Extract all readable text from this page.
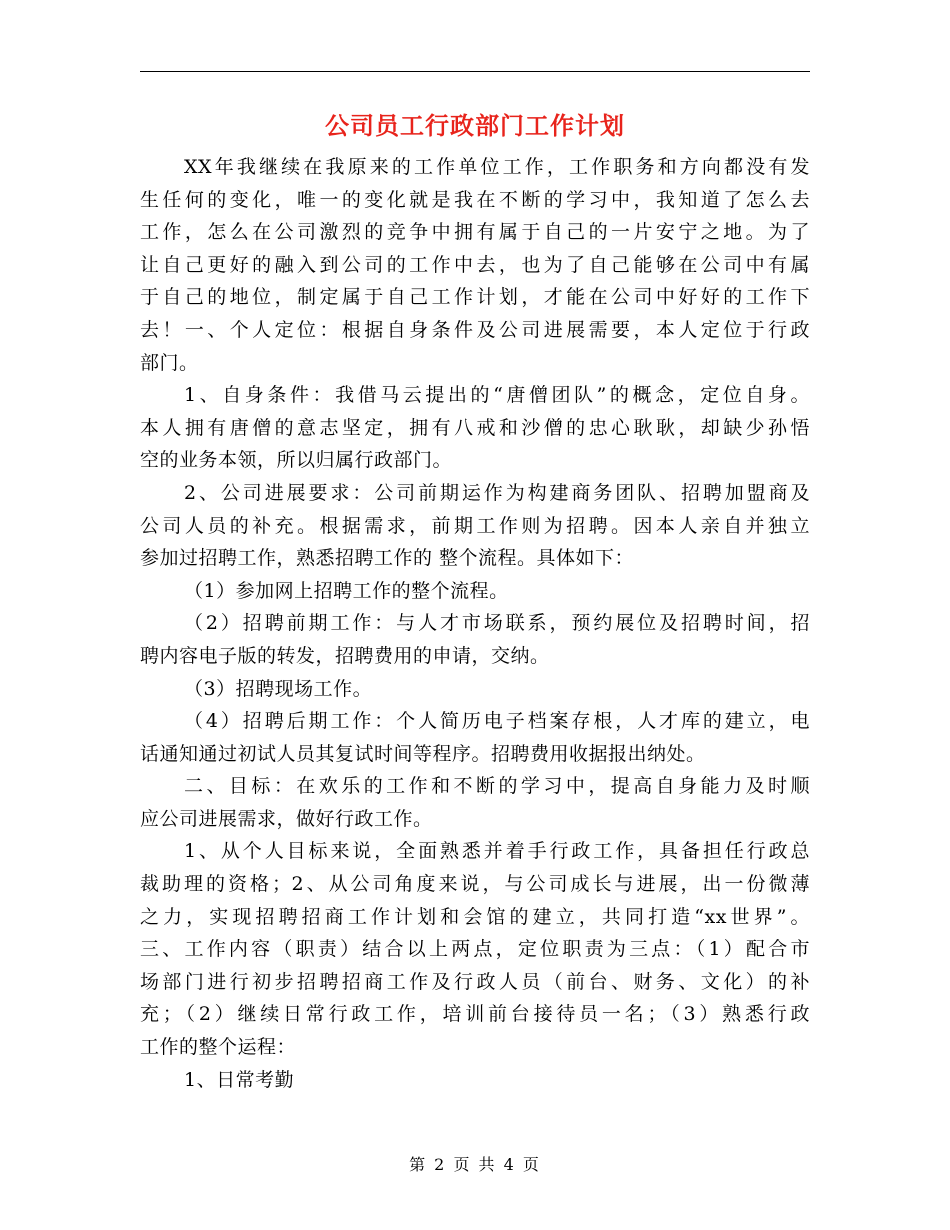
公司员工行政部门工作计划
XX年我继续在我原来的工作单位工作，工作职务和方向都没有发
生任何的变化，唯一的变化就是我在不断的学习中，我知道了怎么去
工作，怎么在公司激烈的竞争中拥有属于自己的一片安宁之地。为了
让自己更好的融入到公司的工作中去，也为了自己能够在公司中有属
于自己的地位，制定属于自己工作计划，才能在公司中好好的工作下
去！一、个人定位：根据自身条件及公司进展需要，本人定位于行政
部门。
1、自身条件：我借马云提出的“唐僧团队”的概念，定位自身。
本人拥有唐僧的意志坚定，拥有八戒和沙僧的忠心耿耿，却缺少孙悟
空的业务本领，所以归属行政部门。
2、公司进展要求：公司前期运作为构建商务团队、招聘加盟商及
公司人员的补充。根据需求，前期工作则为招聘。因本人亲自并独立
参加过招聘工作，熟悉招聘工作的 整个流程。具体如下：
（1）参加网上招聘工作的整个流程。
（2）招聘前期工作：与人才市场联系，预约展位及招聘时间，招
聘内容电子版的转发，招聘费用的申请，交纳。
（3）招聘现场工作。
（4）招聘后期工作：个人简历电子档案存根，人才库的建立，电
话通知通过初试人员其复试时间等程序。招聘费用收据报出纳处。
二、目标：在欢乐的工作和不断的学习中，提高自身能力及时顺
应公司进展需求，做好行政工作。
1、从个人目标来说，全面熟悉并着手行政工作，具备担任行政总
裁助理的资格；2、从公司角度来说，与公司成长与进展，出一份微薄
之力，实现招聘招商工作计划和会馆的建立，共同打造“xx世界”。
三、工作内容（职责）结合以上两点，定位职责为三点：（1）配合市
场部门进行初步招聘招商工作及行政人员（前台、财务、文化）的补
充；（2）继续日常行政工作，培训前台接待员一名；（3）熟悉行政
工作的整个运程：
1、日常考勤
第 2 页 共 4 页
